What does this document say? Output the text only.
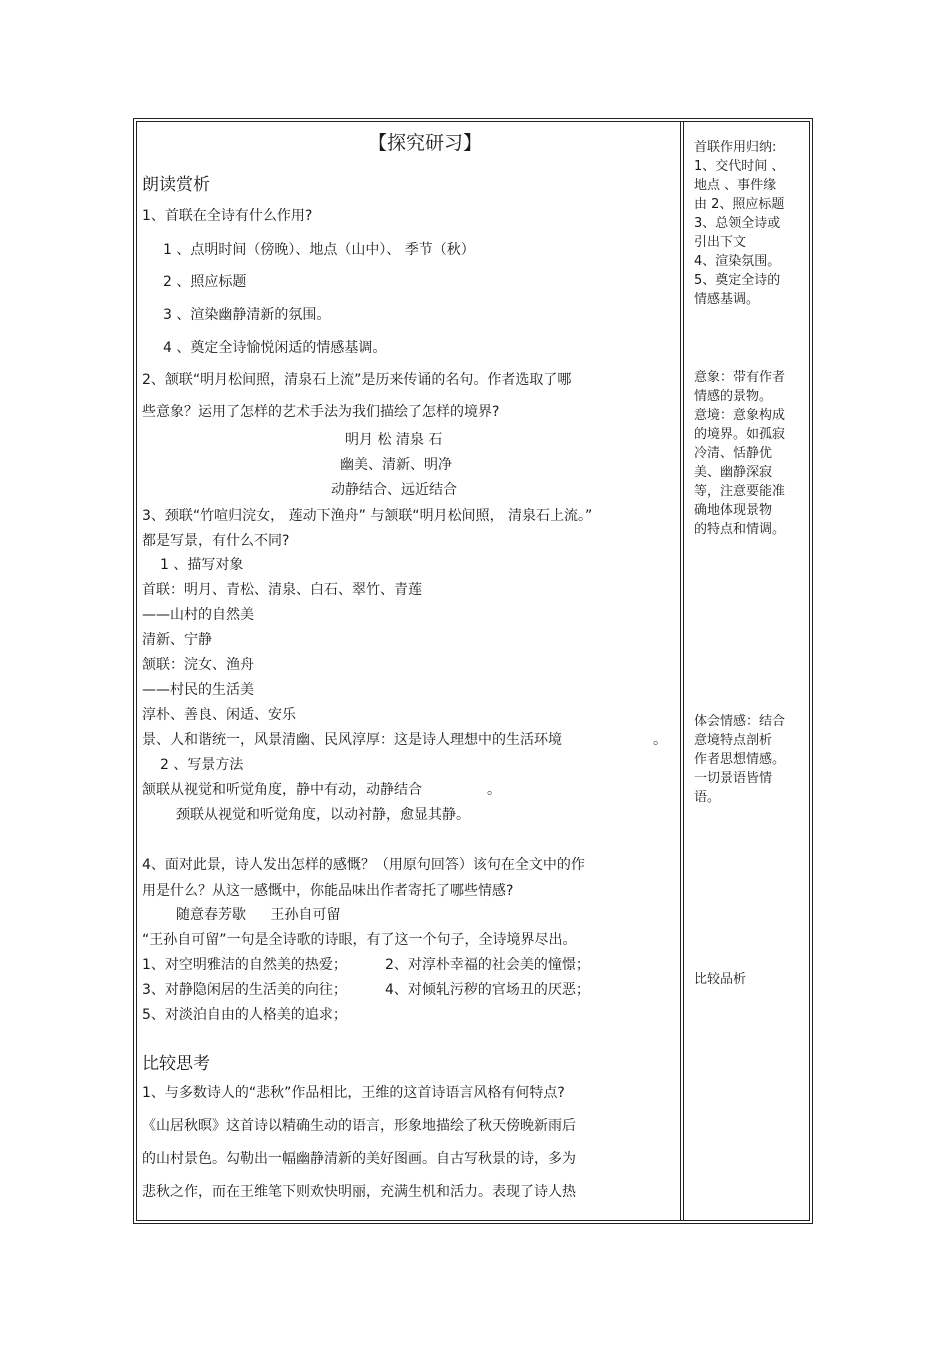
【探究研习】
朗读赏析
1、首联在全诗有什么作用?
1 、点明时间（傍晚）、地点（山中）、 季节（秋）
2 、照应标题
3 、渲染幽静清新的氛围。
4 、奠定全诗愉悦闲适的情感基调。
2、颔联“明月松间照，清泉石上流”是历来传诵的名句。作者选取了哪
些意象？运用了怎样的艺术手法为我们描绘了怎样的境界?
明月 松 清泉 石
幽美、清新、明净
动静结合、远近结合
3、颈联“竹喧归浣女， 莲动下渔舟” 与颔联“明月松间照， 清泉石上流。”
都是写景，有什么不同?
1 、描写对象
首联：明月、青松、清泉、白石、翠竹、青莲
——山村的自然美
清新、宁静
颔联：浣女、渔舟
——村民的生活美
淳朴、善良、闲适、安乐
景、人和谐统一，风景清幽、民风淳厚：这是诗人理想中的生活环境	。
2 、写景方法
颔联从视觉和听觉角度，静中有动，动静结合	。
颈联从视觉和听觉角度，以动衬静，愈显其静。
4、面对此景，诗人发出怎样的感慨？（用原句回答）该句在全文中的作
用是什么？从这一感慨中，你能品味出作者寄托了哪些情感?
随意春芳歇 王孙自可留
“王孙自可留”一句是全诗歌的诗眼，有了这一个句子，全诗境界尽出。
1、对空明雅洁的自然美的热爱；	2、对淳朴幸福的社会美的憧憬；
3、对静隐闲居的生活美的向往；	4、对倾轧污秽的官场丑的厌恶；
5、对淡泊自由的人格美的追求；
比较思考
1、与多数诗人的“悲秋”作品相比，王维的这首诗语言风格有何特点?
《山居秋暝》这首诗以精确生动的语言，形象地描绘了秋天傍晚新雨后
的山村景色。勾勒出一幅幽静清新的美好图画。自古写秋景的诗，多为
悲秋之作，而在王维笔下则欢快明丽，充满生机和活力。表现了诗人热

首联作用归纳:

1、交代时间 、

地点 、事件缘

由 2、照应标题

3、总领全诗或

引出下文

4、渲染氛围。

5、奠定全诗的

情感基调。

意象：带有作者

情感的景物。

意境：意象构成

的境界。如孤寂

冷清、恬静优

美、幽静深寂

等，注意要能准

确地体现景物

的特点和情调。

体会情感：结合

意境特点剖析

作者思想情感。

一切景语皆情

语。

比较品析
